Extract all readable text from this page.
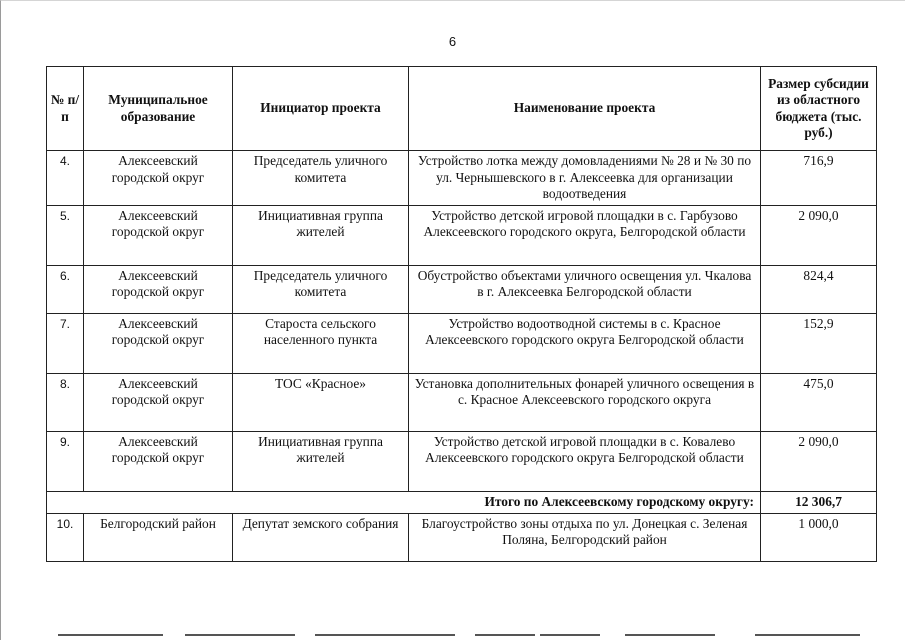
6
№ п/п	Муниципальное образование	Инициатор проекта	Наименование проекта	Размер субсидии из областного бюджета (тыс. руб.)
4.	Алексеевский городской округ	Председатель уличного комитета	Устройство лотка между домовладениями № 28 и № 30 по ул. Чернышевского в г. Алексеевка для организации водоотведения	716,9
5.	Алексеевский городской округ	Инициативная группа жителей	Устройство детской игровой площадки в с. Гарбузово Алексеевского городского округа, Белгородской области	2 090,0
6.	Алексеевский городской округ	Председатель уличного комитета	Обустройство объектами уличного освещения ул. Чкалова в г. Алексеевка Белгородской области	824,4
7.	Алексеевский городской округ	Староста сельского населенного пункта	Устройство водоотводной системы в с. Красное Алексеевского городского округа Белгородской области	152,9
8.	Алексеевский городской округ	ТОС «Красное»	Установка дополнительных фонарей уличного освещения в с. Красное Алексеевского городского округа	475,0
9.	Алексеевский городской округ	Инициативная группа жителей	Устройство детской игровой площадки в с. Ковалево Алексеевского городского округа Белгородской области	2 090,0
Итого по Алексеевскому городскому округу:				12 306,7
10.	Белгородский район	Депутат земского собрания	Благоустройство зоны отдыха по ул. Донецкая с. Зеленая Поляна, Белгородский район	1 000,0
